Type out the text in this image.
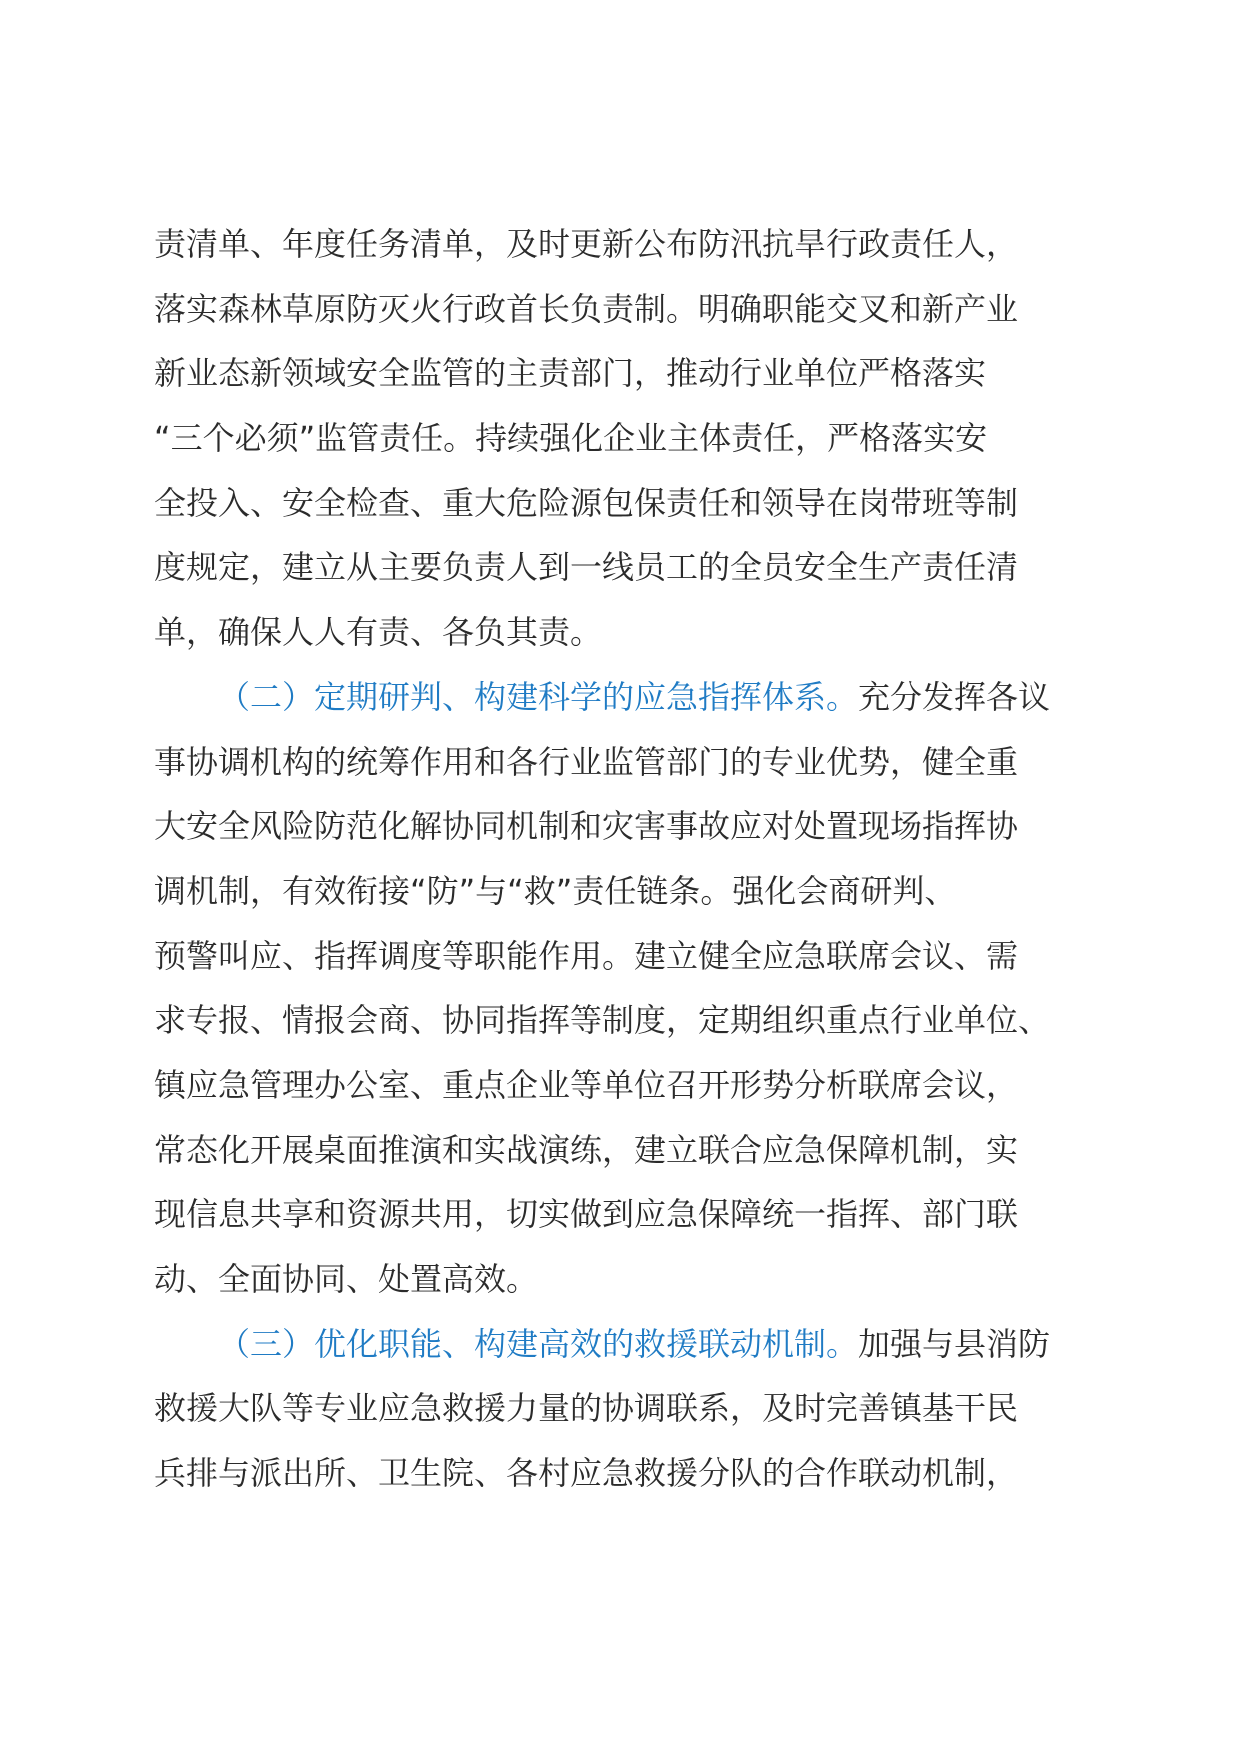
责清单、年度任务清单，及时更新公布防汛抗旱行政责任人，
落实森林草原防灭火行政首长负责制。明确职能交叉和新产业
新业态新领域安全监管的主责部门，推动行业单位严格落实
“三个必须”监管责任。持续强化企业主体责任，严格落实安
全投入、安全检查、重大危险源包保责任和领导在岗带班等制
度规定，建立从主要负责人到一线员工的全员安全生产责任清
单，确保人人有责、各负其责。
（二）定期研判、构建科学的应急指挥体系。充分发挥各议
事协调机构的统筹作用和各行业监管部门的专业优势，健全重
大安全风险防范化解协同机制和灾害事故应对处置现场指挥协
调机制，有效衔接“防”与“救”责任链条。强化会商研判、
预警叫应、指挥调度等职能作用。建立健全应急联席会议、需
求专报、情报会商、协同指挥等制度，定期组织重点行业单位、
镇应急管理办公室、重点企业等单位召开形势分析联席会议，
常态化开展桌面推演和实战演练，建立联合应急保障机制，实
现信息共享和资源共用，切实做到应急保障统一指挥、部门联
动、全面协同、处置高效。
（三）优化职能、构建高效的救援联动机制。加强与县消防
救援大队等专业应急救援力量的协调联系，及时完善镇基干民
兵排与派出所、卫生院、各村应急救援分队的合作联动机制，
